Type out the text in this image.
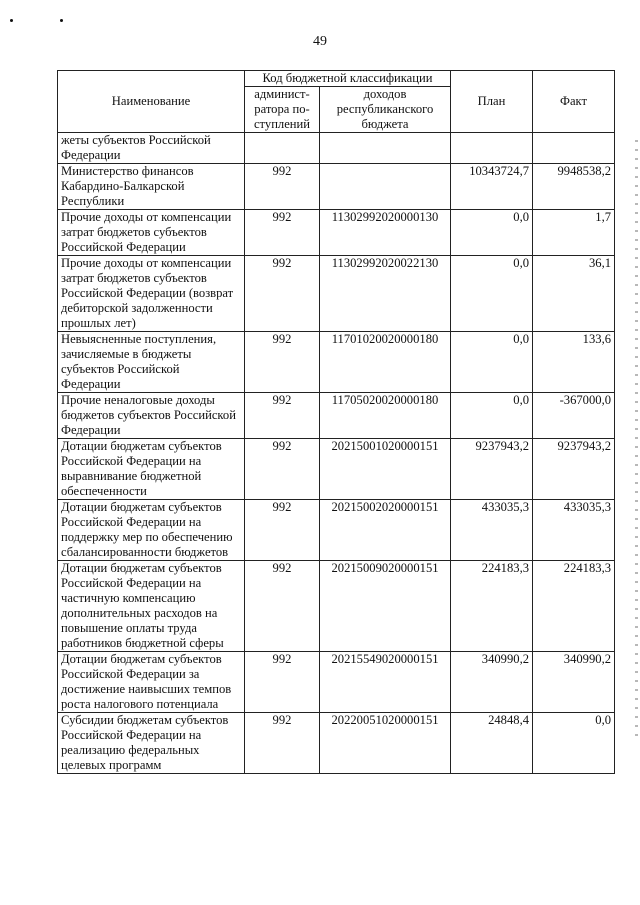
49
Наименование	Код бюджетной классификации		План	Факт
	админист-ратора по-ступлений	доходов республиканского бюджета		
жеты субъектов Российской Федерации				
Министерство финансов Кабардино-Балкарской Республики	992		10343724,7	9948538,2
Прочие доходы от компенсации затрат бюджетов субъектов Российской Федерации	992	11302992020000130	0,0	1,7
Прочие доходы от компенсации затрат бюджетов субъектов Российской Федерации (возврат дебиторской задолженности прошлых лет)	992	11302992020022130	0,0	36,1
Невыясненные поступления, зачисляемые в бюджеты субъектов Российской Федерации	992	11701020020000180	0,0	133,6
Прочие неналоговые доходы бюджетов субъектов Российской Федерации	992	11705020020000180	0,0	-367000,0
Дотации бюджетам субъектов Российской Федерации на выравнивание бюджетной обеспеченности	992	20215001020000151	9237943,2	9237943,2
Дотации бюджетам субъектов Российской Федерации на поддержку мер по обеспечению сбалансированности бюджетов	992	20215002020000151	433035,3	433035,3
Дотации бюджетам субъектов Российской Федерации на частичную компенсацию дополнительных расходов на повышение оплаты труда работников бюджетной сферы	992	20215009020000151	224183,3	224183,3
Дотации бюджетам субъектов Российской Федерации за достижение наивысших темпов роста налогового потенциала	992	20215549020000151	340990,2	340990,2
Субсидии бюджетам субъектов Российской Федерации на реализацию федеральных целевых программ	992	20220051020000151	24848,4	0,0
